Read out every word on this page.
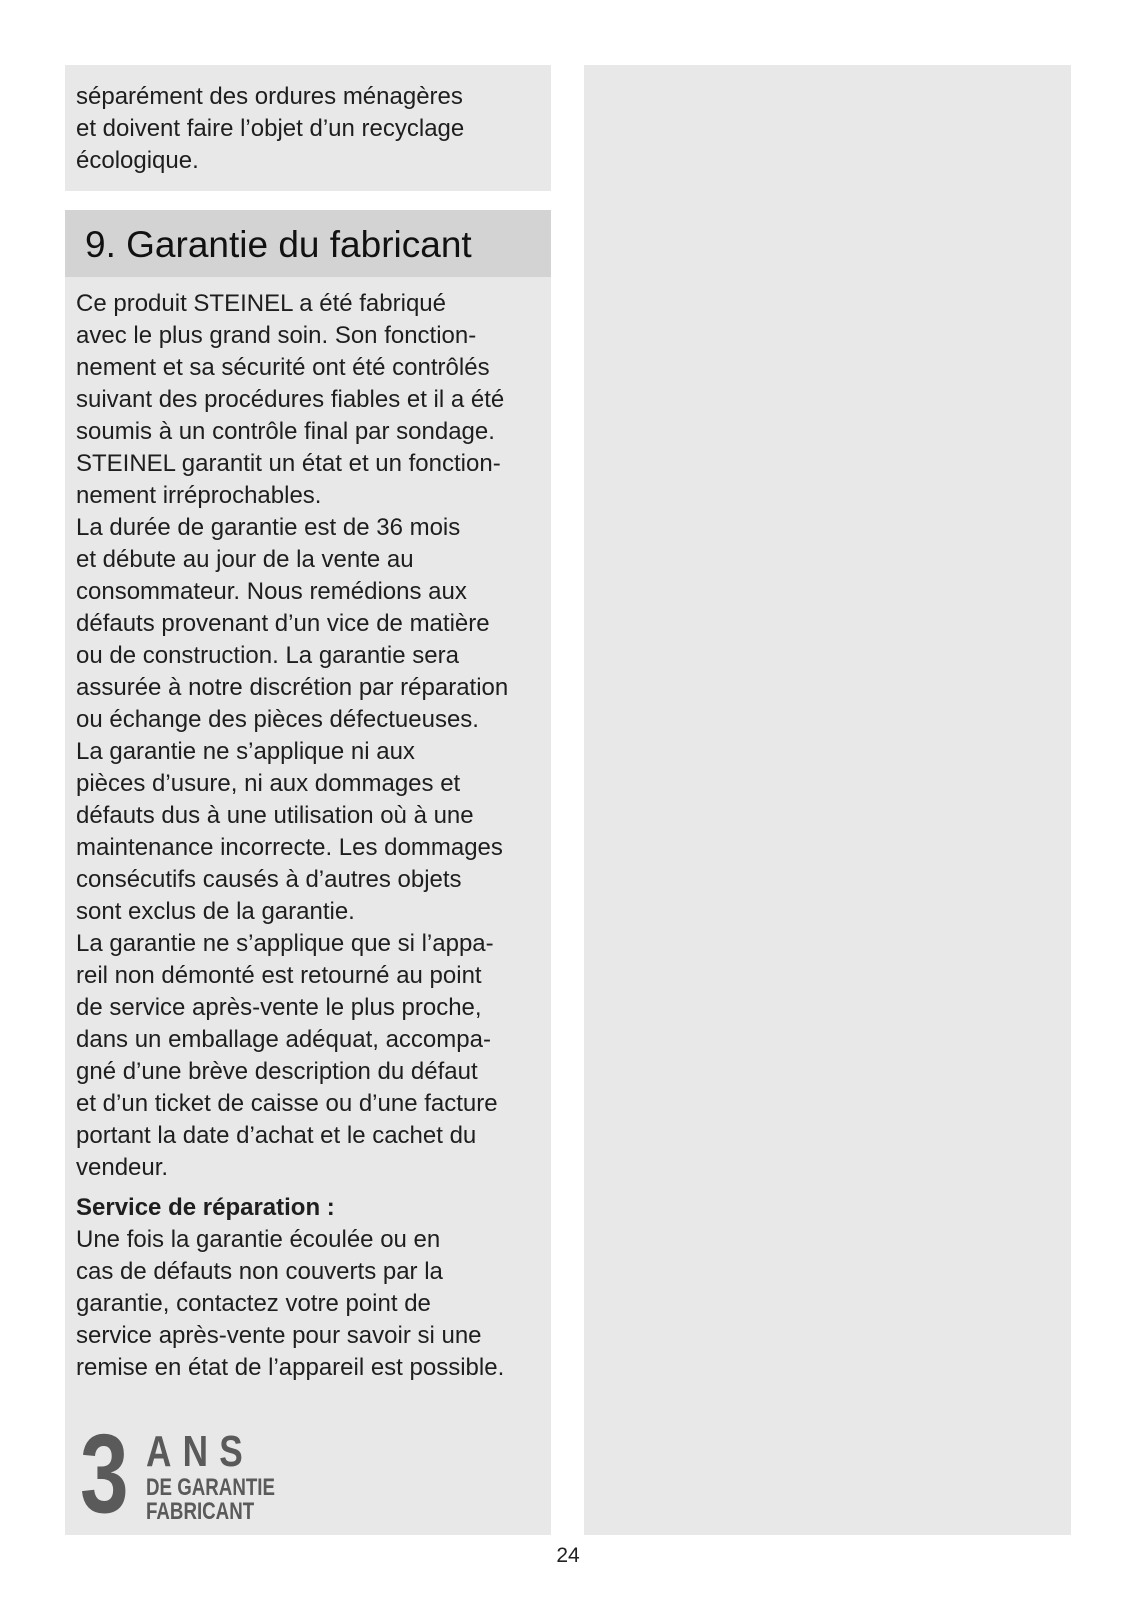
séparément des ordures ménagères
et doivent faire l’objet d’un recyclage
écologique.

9. Garantie du fabricant

Ce produit STEINEL a été fabriqué
avec le plus grand soin. Son fonction-
nement et sa sécurité ont été contrôlés
suivant des procédures fiables et il a été
soumis à un contrôle final par sondage.
STEINEL garantit un état et un fonction-
nement irréprochables.

La durée de garantie est de 36 mois
et débute au jour de la vente au
consommateur. Nous remédions aux
défauts provenant d’un vice de matière
ou de construction. La garantie sera
assurée à notre discrétion par réparation
ou échange des pièces défectueuses.

La garantie ne s’applique ni aux
pièces d’usure, ni aux dommages et
défauts dus à une utilisation où à une
maintenance incorrecte. Les dommages
consécutifs causés à d’autres objets
sont exclus de la garantie.

La garantie ne s’applique que si l’appa-
reil non démonté est retourné au point
de service après-vente le plus proche,
dans un emballage adéquat, accompa-
gné d’une brève description du défaut
et d’un ticket de caisse ou d’une facture
portant la date d’achat et le cachet du
vendeur.

Service de réparation :

Une fois la garantie écoulée ou en
cas de défauts non couverts par la
garantie, contactez votre point de
service après-vente pour savoir si une
remise en état de l’appareil est possible.

3 ANS
DE GARANTIE
FABRICANT
24
